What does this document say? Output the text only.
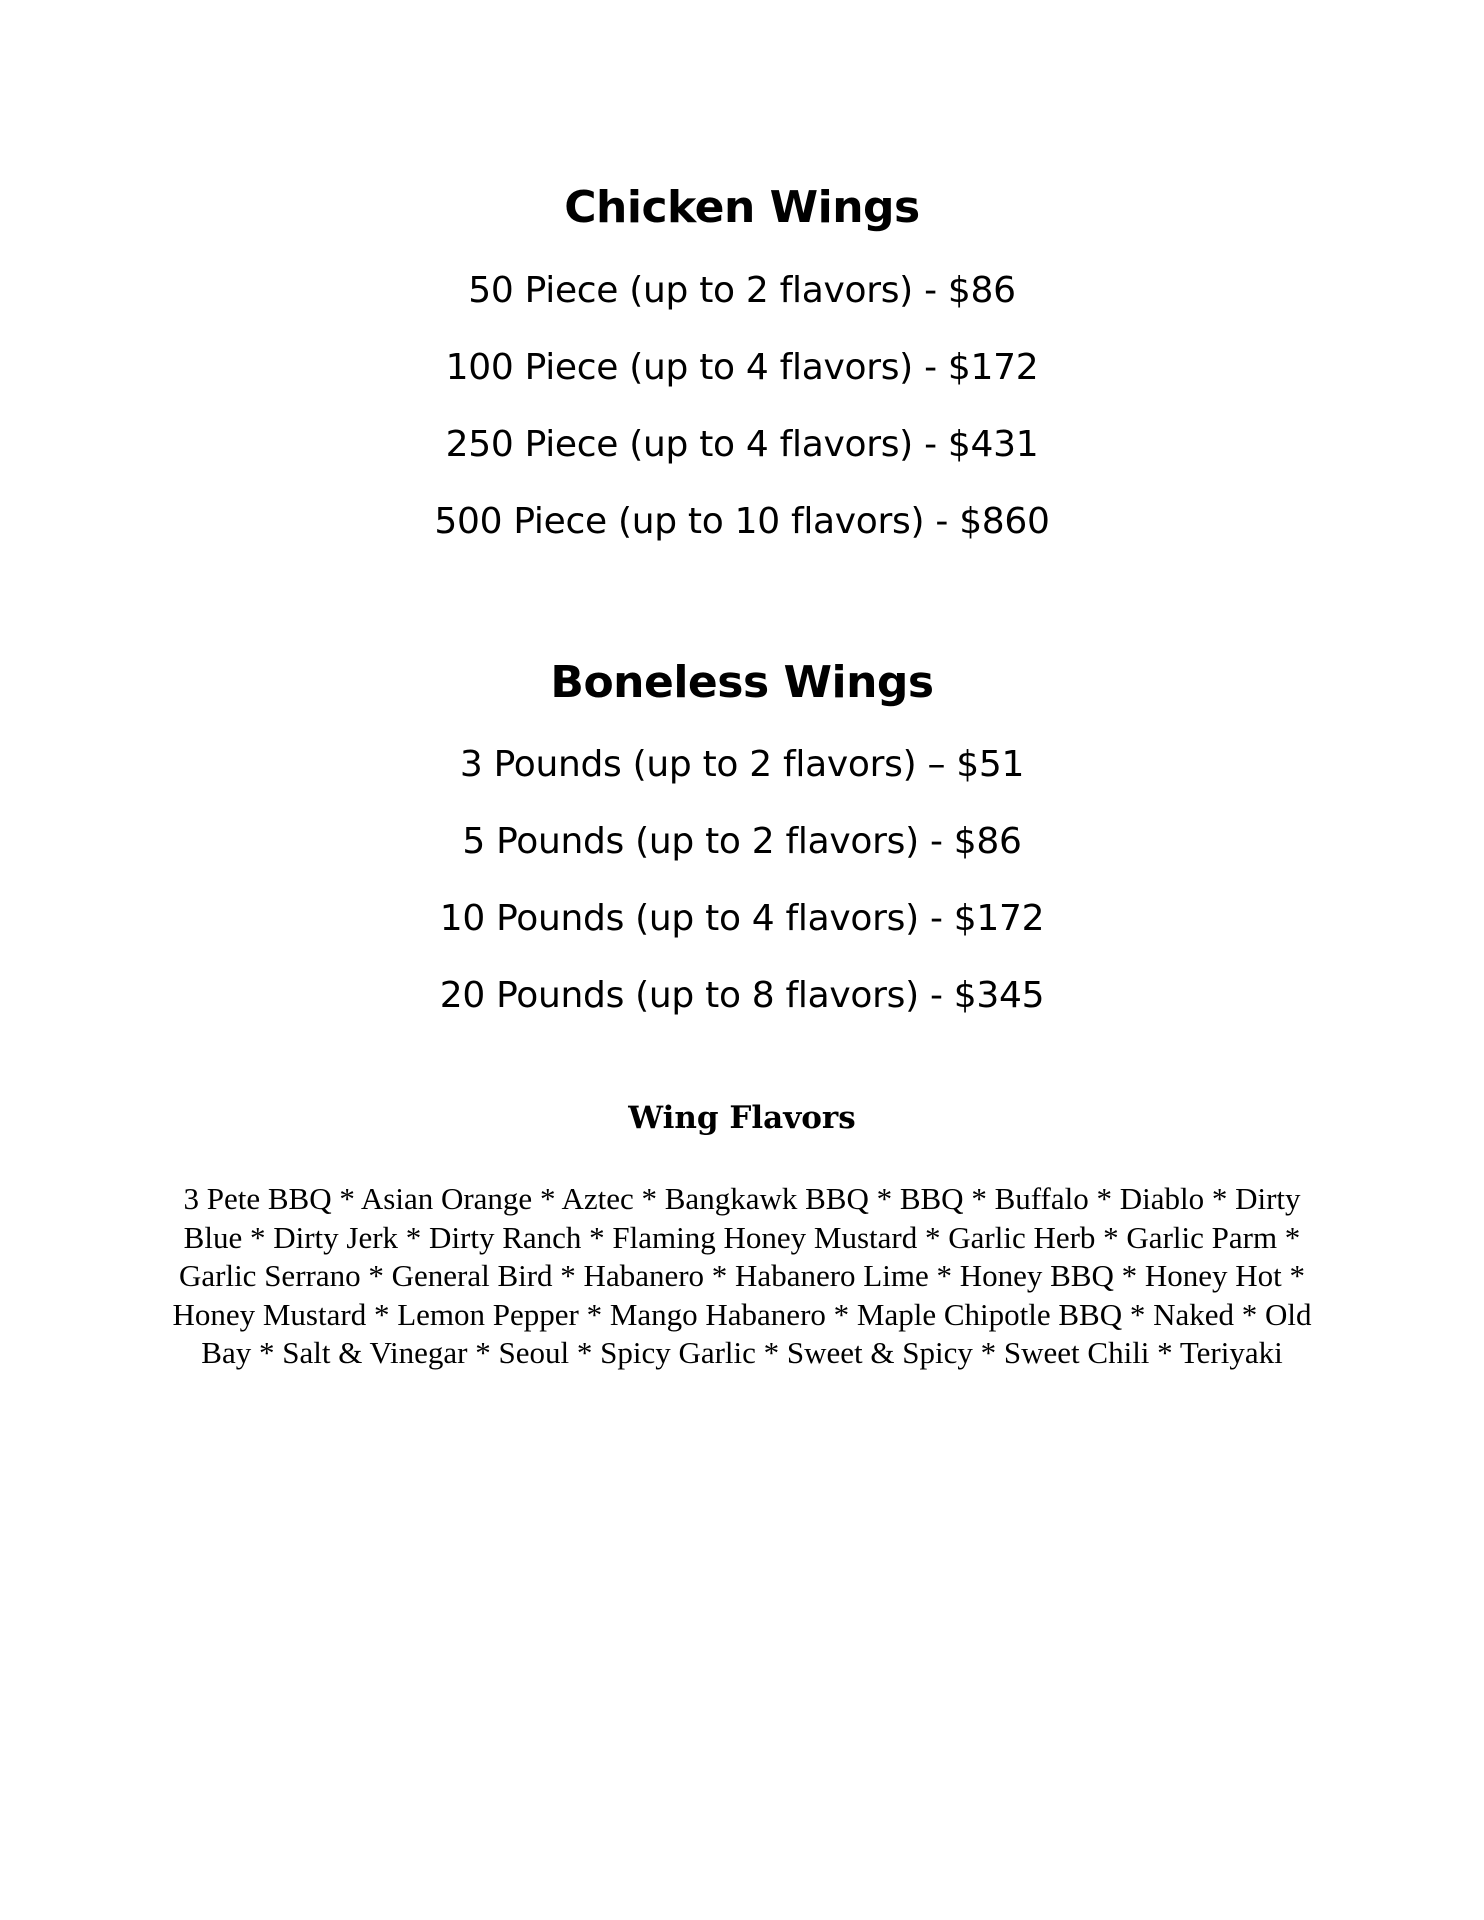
Chicken Wings
50 Piece (up to 2 flavors) - $86
100 Piece (up to 4 flavors) - $172
250 Piece (up to 4 flavors) - $431
500 Piece (up to 10 flavors) - $860
Boneless Wings
3 Pounds (up to 2 flavors) – $51
5 Pounds (up to 2 flavors) - $86
10 Pounds (up to 4 flavors) - $172
20 Pounds (up to 8 flavors) - $345
Wing Flavors

3 Pete BBQ * Asian Orange * Aztec * Bangkawk BBQ * BBQ * Buffalo * Diablo * Dirty Blue * Dirty Jerk * Dirty Ranch * Flaming Honey Mustard * Garlic Herb * Garlic Parm * Garlic Serrano * General Bird * Habanero * Habanero Lime * Honey BBQ * Honey Hot * Honey Mustard * Lemon Pepper * Mango Habanero * Maple Chipotle BBQ * Naked * Old Bay * Salt & Vinegar * Seoul * Spicy Garlic * Sweet & Spicy * Sweet Chili * Teriyaki
